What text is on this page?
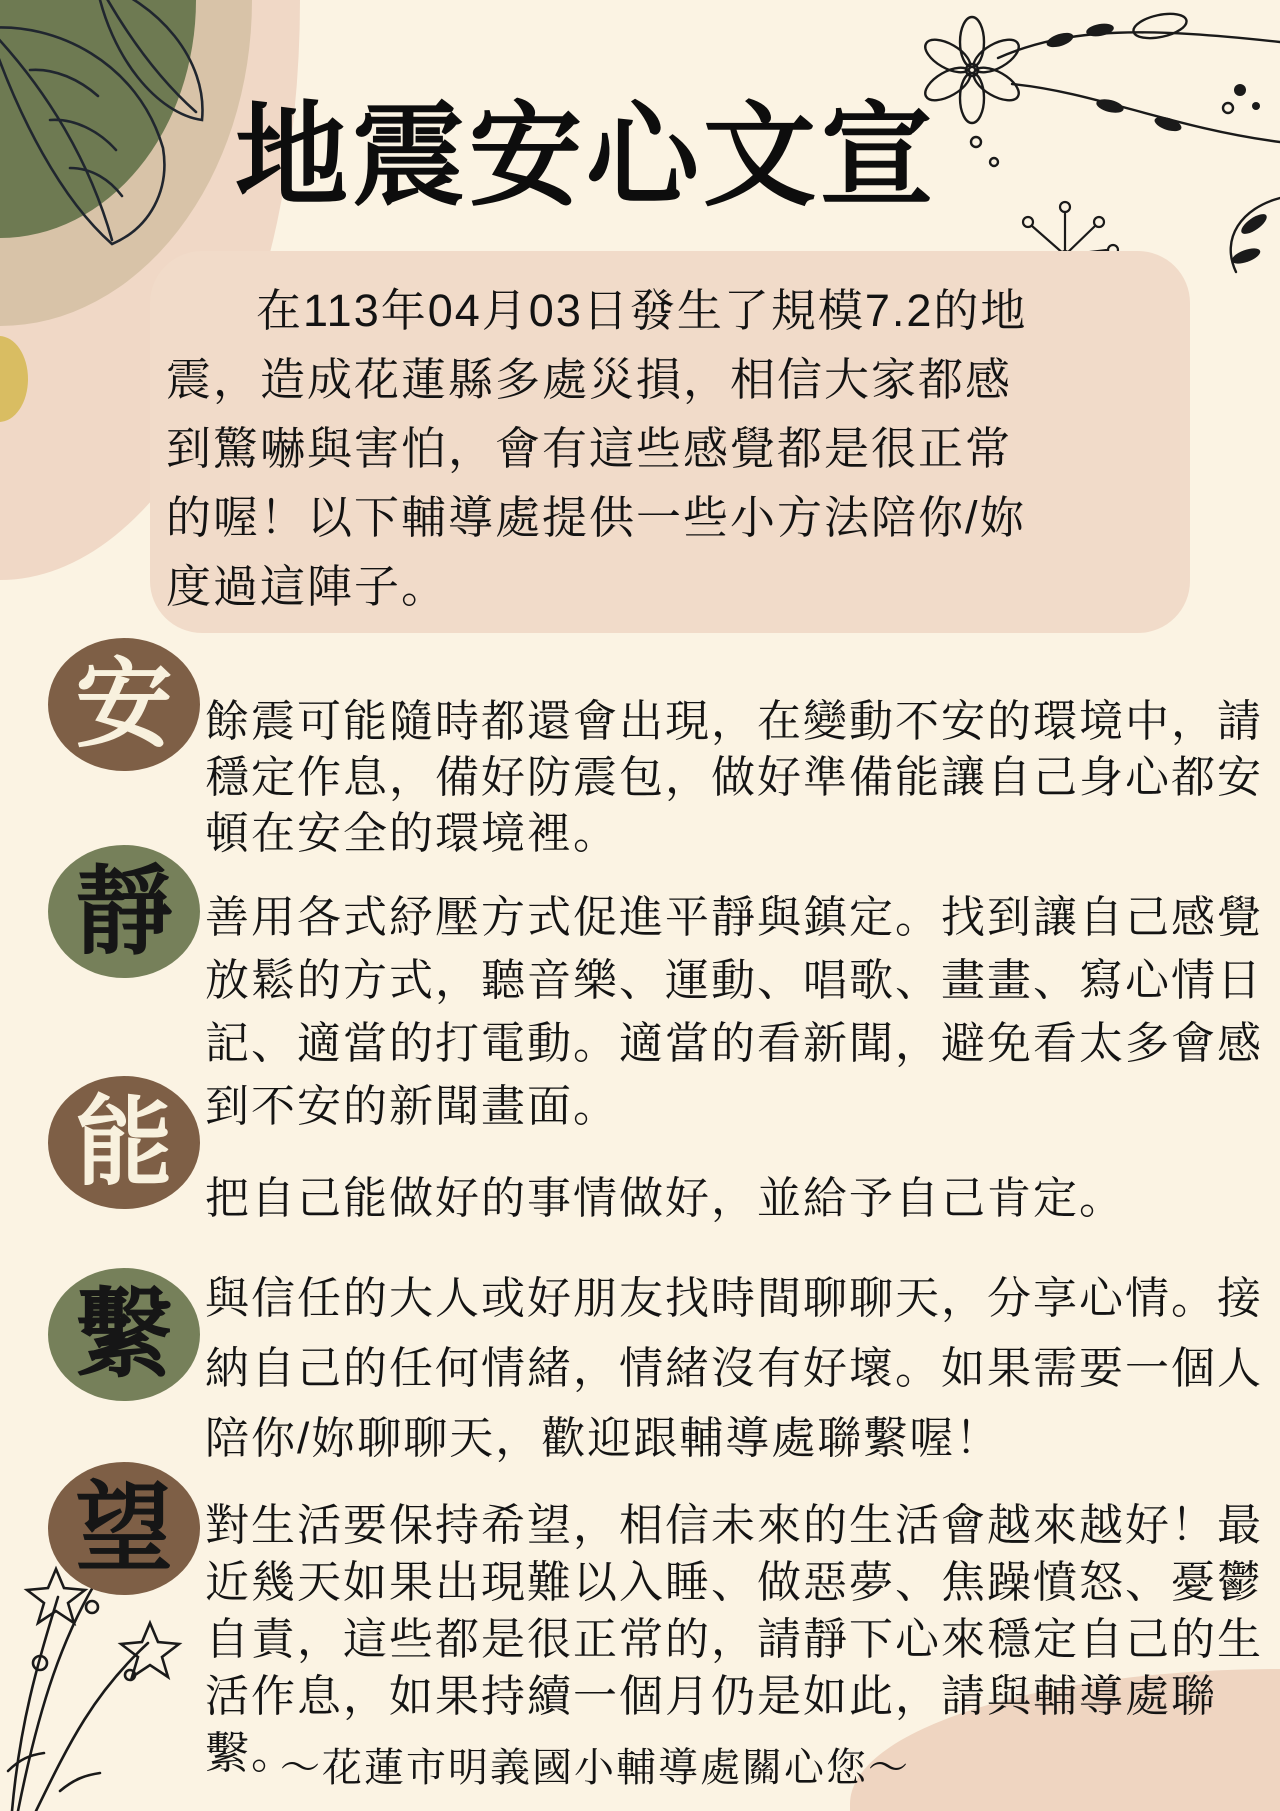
地震安心文宣

在113年04月03日發生了規模7.2的地震，造成花蓮縣多處災損，相信大家都感到驚嚇與害怕，會有這些感覺都是很正常的喔！以下輔導處提供一些小方法陪你/妳度過這陣子。

安 餘震可能隨時都還會出現，在變動不安的環境中，請穩定作息，備好防震包，做好準備能讓自己身心都安頓在安全的環境裡。

靜 善用各式紓壓方式促進平靜與鎮定。找到讓自己感覺放鬆的方式，聽音樂、運動、唱歌、畫畫、寫心情日記、適當的打電動。適當的看新聞，避免看太多會感到不安的新聞畫面。

能

把自己能做好的事情做好，並給予自己肯定。

繫 與信任的大人或好朋友找時間聊聊天，分享心情。接納自己的任何情緒，情緒沒有好壞。如果需要一個人陪你/妳聊聊天，歡迎跟輔導處聯繫喔！

望 對生活要保持希望，相信未來的生活會越來越好！最近幾天如果出現難以入睡、做惡夢、焦躁憤怒、憂鬱自責，這些都是很正常的，請靜下心來穩定自己的生活作息，如果持續一個月仍是如此，請與輔導處聯繫。

～花蓮市明義國小輔導處關心您～
